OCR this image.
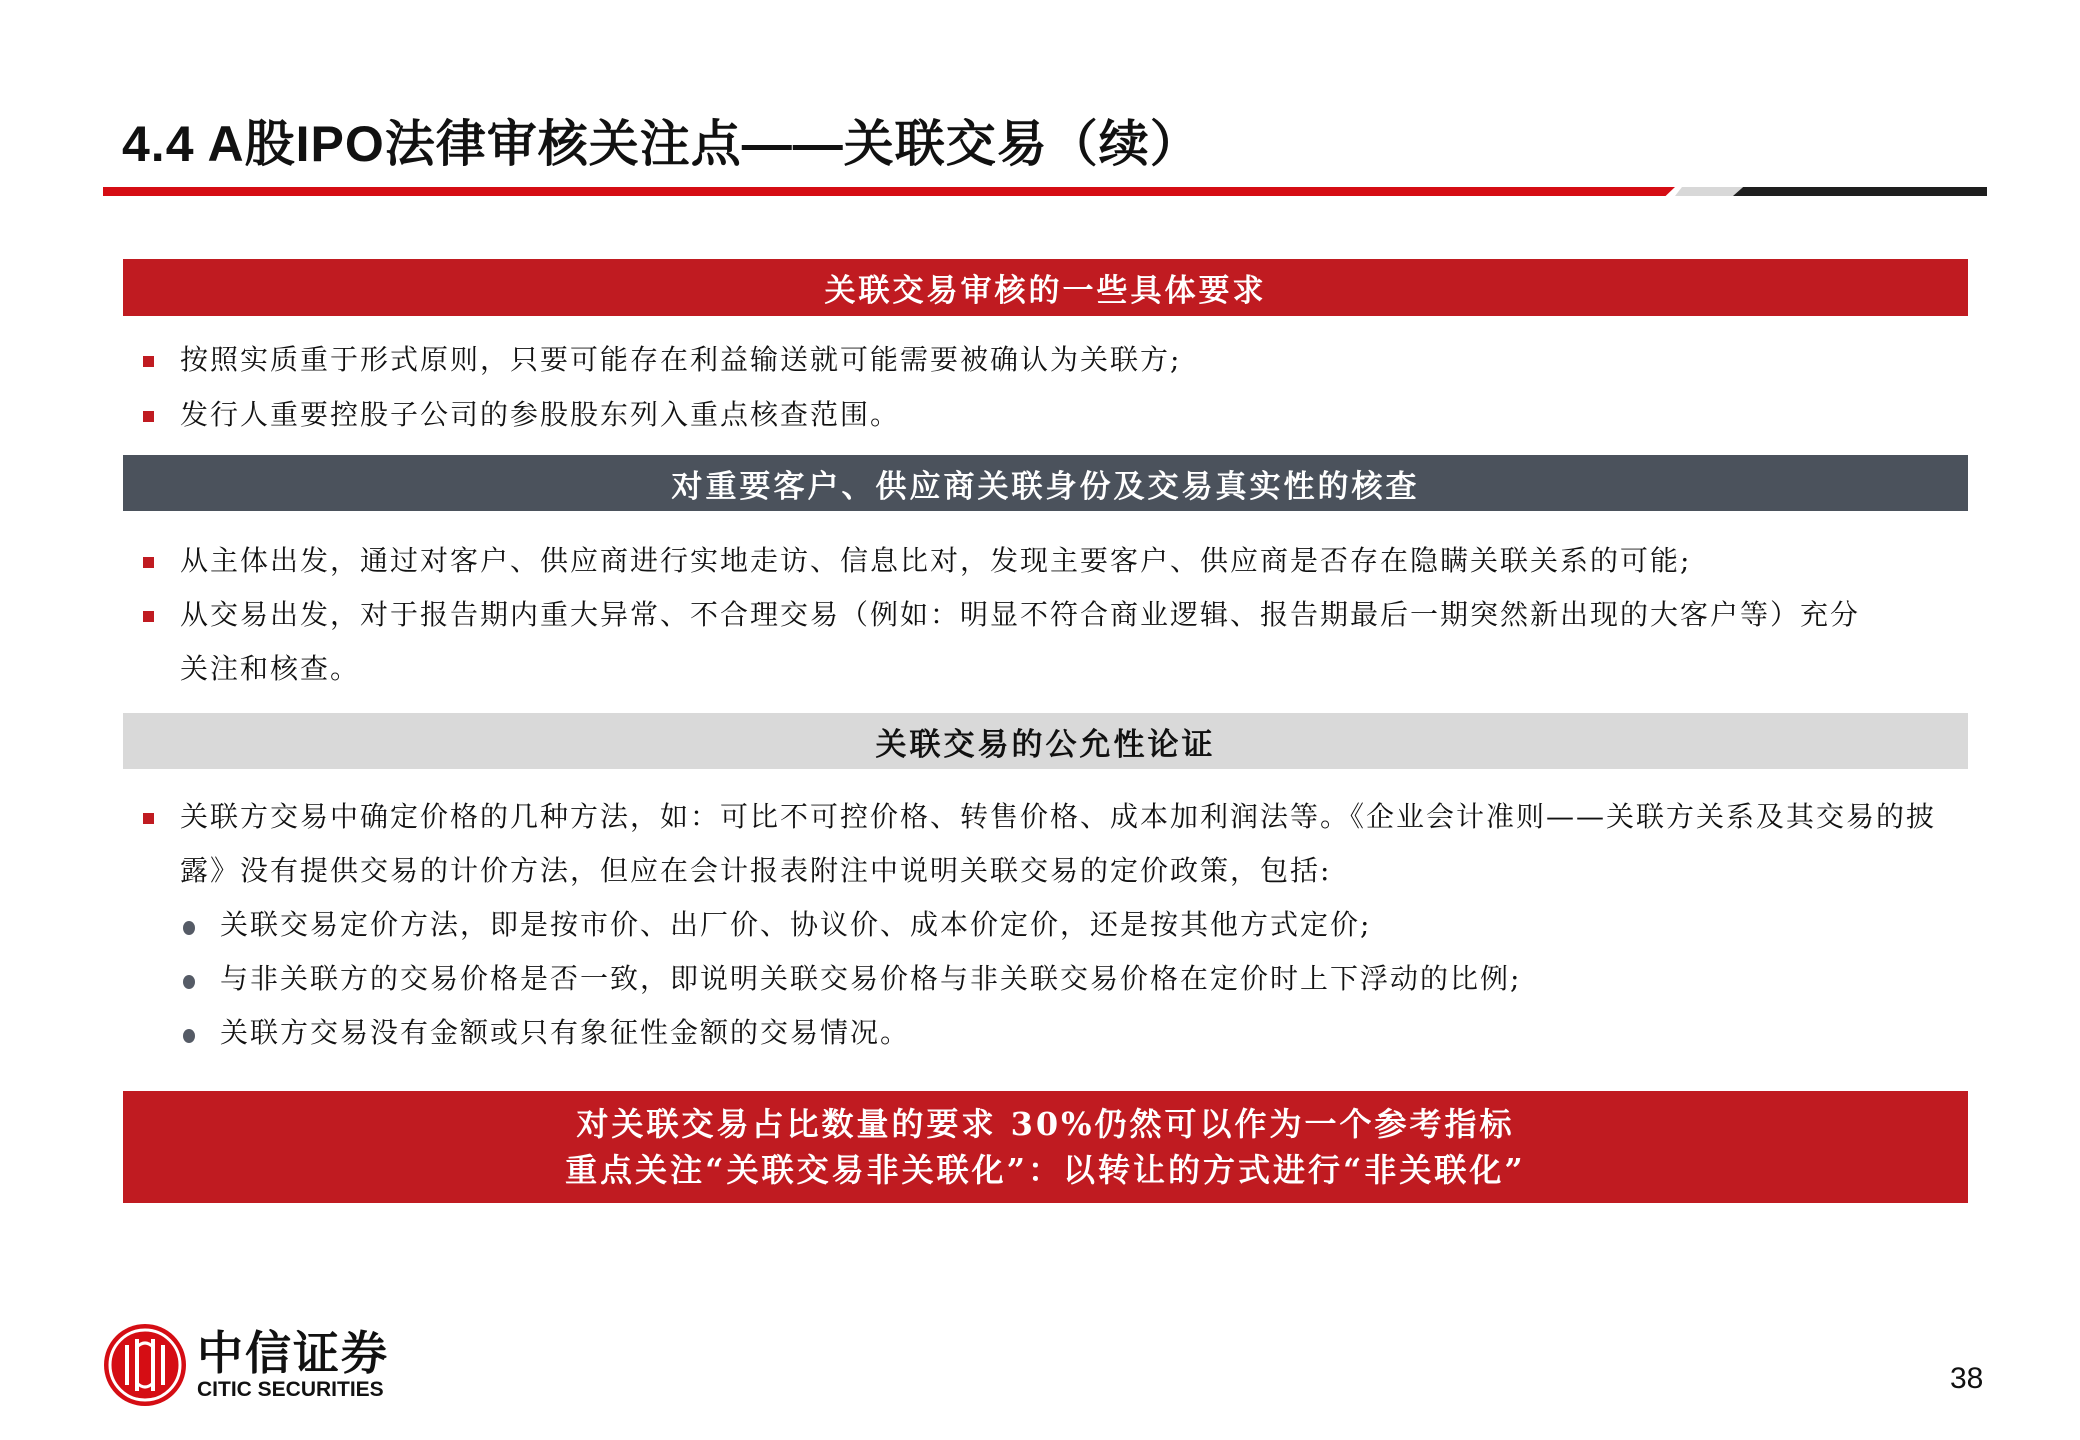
4.4 A股IPO法律审核关注点——关联交易（续）
关联交易审核的一些具体要求
按照实质重于形式原则，只要可能存在利益输送就可能需要被确认为关联方;
发行人重要控股子公司的参股股东列入重点核查范围。
对重要客户、供应商关联身份及交易真实性的核查
从主体出发，通过对客户、供应商进行实地走访、信息比对，发现主要客户、供应商是否存在隐瞒关联关系的可能;
从交易出发，对于报告期内重大异常、不合理交易（例如：明显不符合商业逻辑、报告期最后一期突然新出现的大客户等）充分关注和核查。
关联交易的公允性论证
关联方交易中确定价格的几种方法，如：可比不可控价格、转售价格、成本加利润法等。《企业会计准则——关联方关系及其交易的披露》没有提供交易的计价方法，但应在会计报表附注中说明关联交易的定价政策，包括:
关联交易定价方法，即是按市价、出厂价、协议价、成本价定价，还是按其他方式定价;
与非关联方的交易价格是否一致，即说明关联交易价格与非关联交易价格在定价时上下浮动的比例;
关联方交易没有金额或只有象征性金额的交易情况。
对关联交易占比数量的要求 30%仍然可以作为一个参考指标
重点关注“关联交易非关联化”：以转让的方式进行“非关联化”
中信证券
CITIC SECURITIES	38
